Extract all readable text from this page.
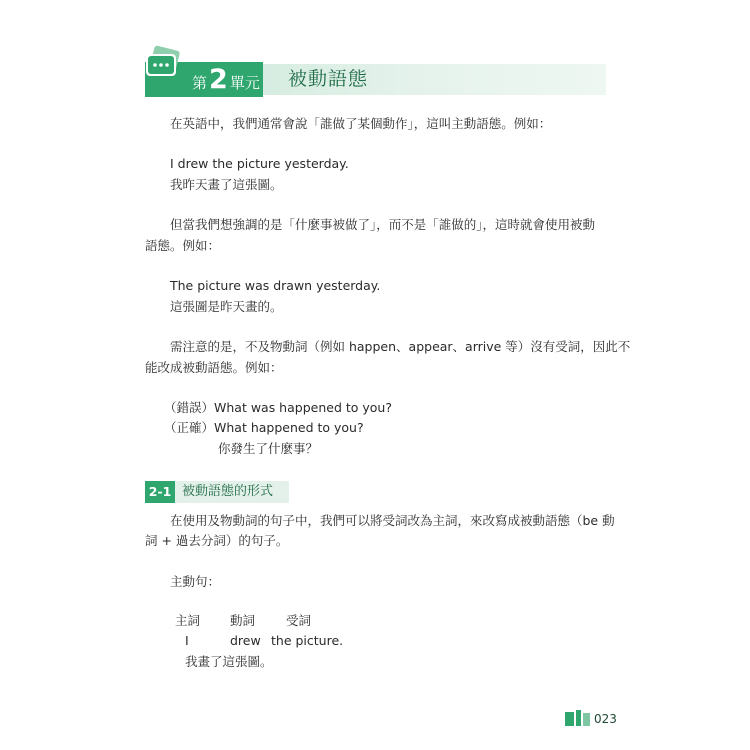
第 2 單元 被動語態
在英語中，我們通常會說「誰做了某個動作」，這叫主動語態。例如：
I drew the picture yesterday.
我昨天畫了這張圖。
但當我們想強調的是「什麼事被做了」，而不是「誰做的」，這時就會使用被動
語態。例如：
The picture was drawn yesterday.
這張圖是昨天畫的。
需注意的是，不及物動詞（例如 happen、appear、arrive 等）沒有受詞，因此不
能改成被動語態。例如：
（錯誤）What was happened to you?
（正確）What happened to you?
你發生了什麼事？
2-1 被動語態的形式
在使用及物動詞的句子中，我們可以將受詞改為主詞，來改寫成被動語態（be 動
詞 + 過去分詞）的句子。
主動句：
主詞 動詞 受詞
I	drew the picture.
我畫了這張圖。
023
